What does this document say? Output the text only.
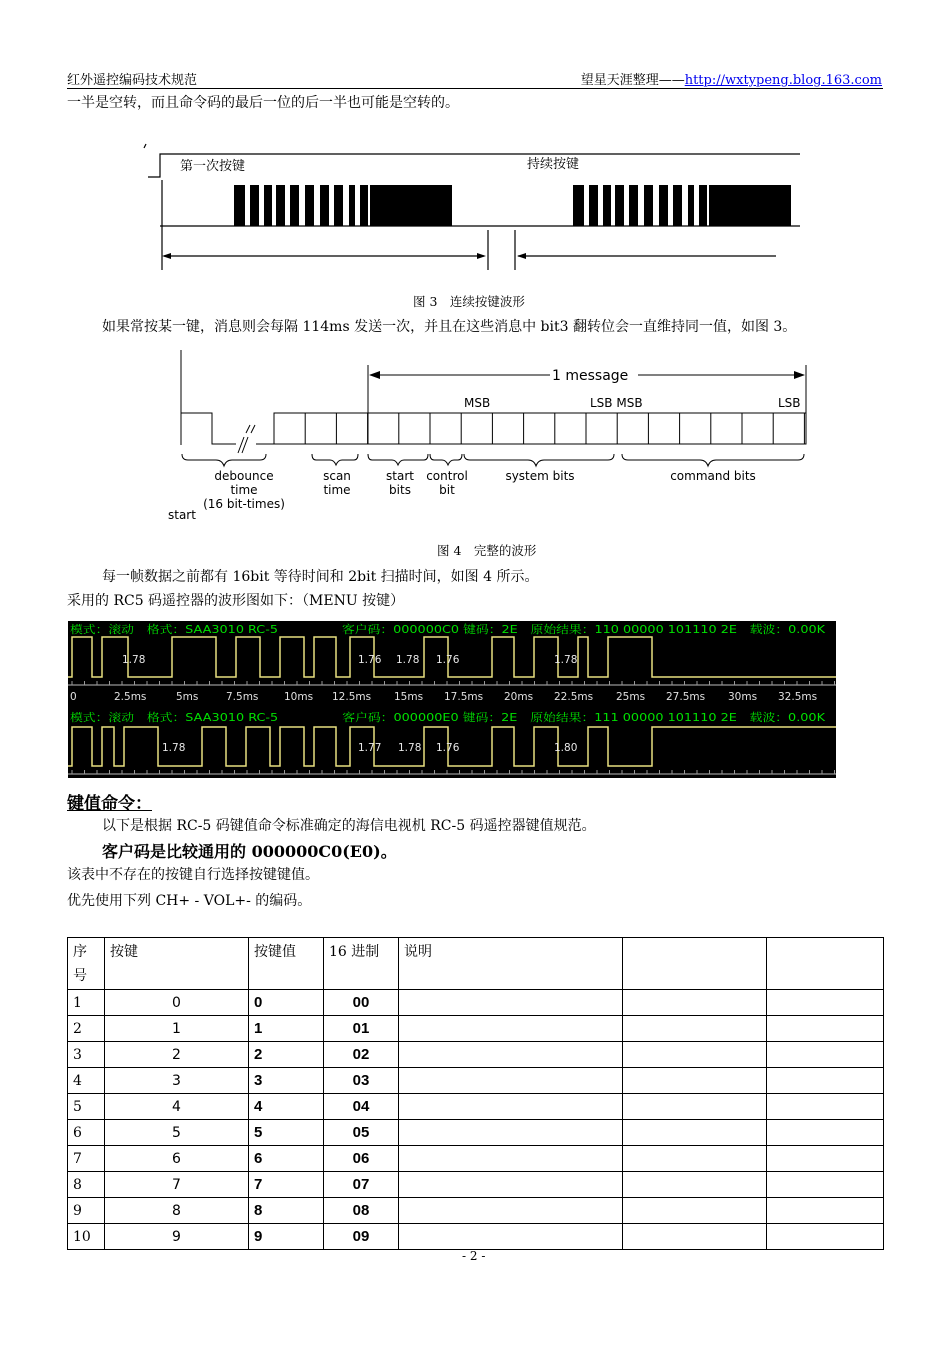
红外遥控编码技术规范	望星天涯整理——http://wxtypeng.blog.163.com
一半是空转，而且命令码的最后一位的后一半也可能是空转的。
第一次按键	持续按键
图 3　连续按键波形
如果常按某一键，消息则会每隔 114ms 发送一次，并且在这些消息中 bit3 翻转位会一直维持同一值，如图 3。
1 message
MSB	LSB MSB	LSB
debounce
time
(16 bit-times)
scan
time
start
bits
control
bit
system bits	command bits
start
图 4　完整的波形
每一帧数据之前都有 16bit 等待时间和 2bit 扫描时间，如图 4 所示。
采用的 RC5 码遥控器的波形图如下：（MENU 按键）
模式：滚动　格式：SAA3010 RC-5　　　　　客户码：000000C0 键码：2E　原始结果：110 00000 101110 2E　载波：0.00K
模式：滚动　格式：SAA3010 RC-5　　　　　客户码：000000E0 键码：2E　原始结果：111 00000 101110 2E　载波：0.00K
0	2.5ms	5ms	7.5ms 10ms 12.5ms 15ms 17.5ms 20ms 22.5ms 25ms 27.5ms 30ms 32.5ms
1.78	1.76 1.78 1.76	1.78
1.78	1.77 1.78 1.76	1.80
键值命令：
以下是根据 RC-5 码键值命令标准确定的海信电视机 RC-5 码遥控器键值规范。
客户码是比较通用的 000000C0(E0)。
该表中不存在的按键自行选择按键键值。
优先使用下列 CH+ - VOL+- 的编码。
序号	按键	按键值	16 进制	说明		
1	0	0	00			
2	1	1	01			
3	2	2	02			
4	3	3	03			
5	4	4	04			
6	5	5	05			
7	6	6	06			
8	7	7	07			
9	8	8	08			
10	9	9	09			
- 2 -
